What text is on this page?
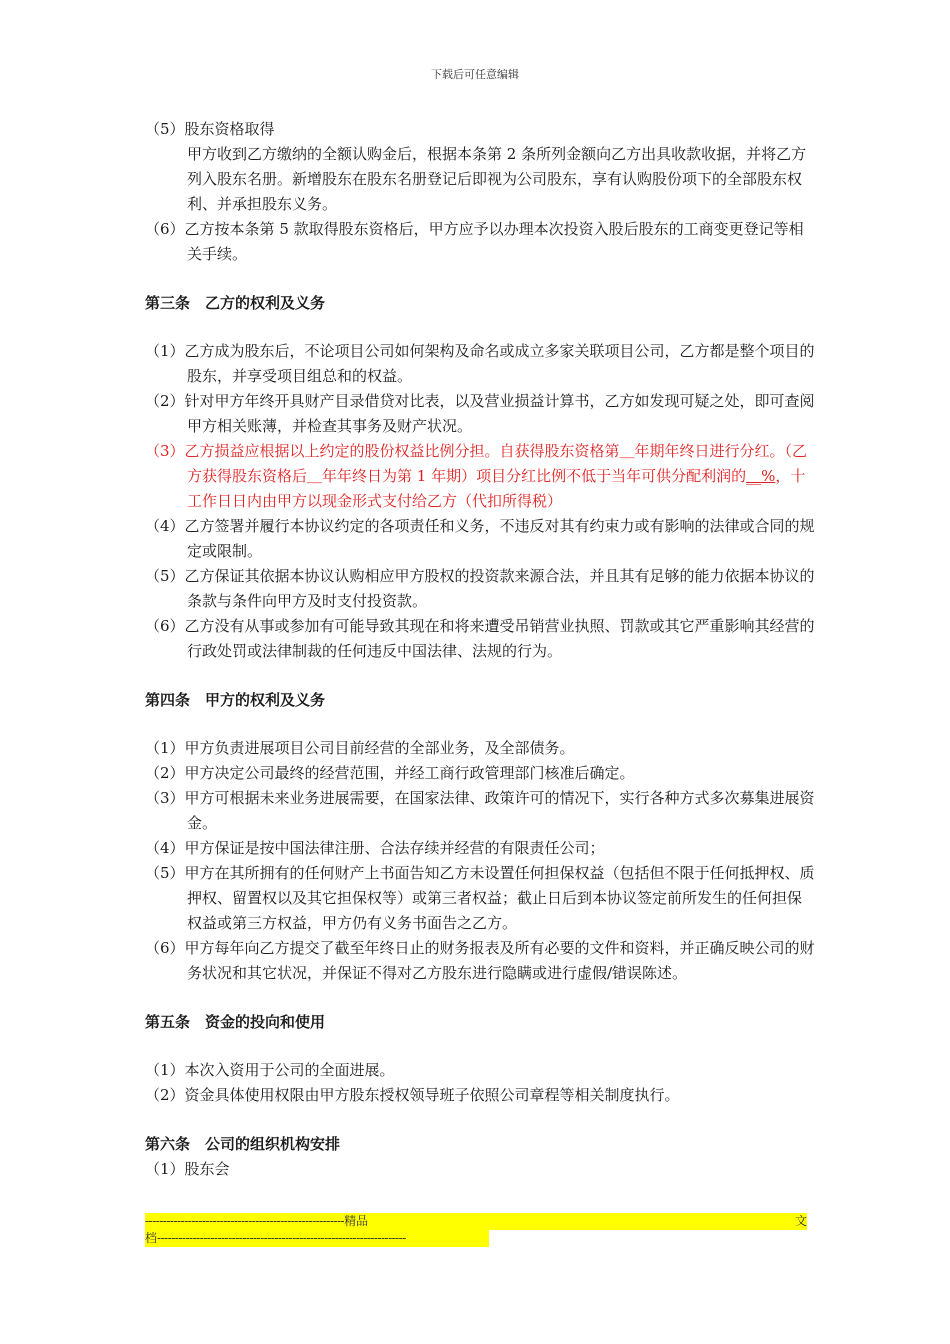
下载后可任意编辑
（5）股东资格取得
甲方收到乙方缴纳的全额认购金后，根据本条第 2 条所列金额向乙方出具收款收据，并将乙方列入股东名册。新增股东在股东名册登记后即视为公司股东，享有认购股份项下的全部股东权利、并承担股东义务。
（6）乙方按本条第 5 款取得股东资格后，甲方应予以办理本次投资入股后股东的工商变更登记等相关手续。
第三条　乙方的权利及义务
（1）乙方成为股东后，不论项目公司如何架构及命名或成立多家关联项目公司，乙方都是整个项目的股东，并享受项目组总和的权益。
（2）针对甲方年终开具财产目录借贷对比表，以及营业损益计算书，乙方如发现可疑之处，即可查阅甲方相关账薄，并检查其事务及财产状况。
（3）乙方损益应根据以上约定的股份权益比例分担。自获得股东资格第＿年期年终日进行分红。（乙方获得股东资格后＿年年终日为第 1 年期）项目分红比例不低于当年可供分配利润的__%，十工作日日内由甲方以现金形式支付给乙方（代扣所得税）
（4）乙方签署并履行本协议约定的各项责任和义务，不违反对其有约束力或有影响的法律或合同的规定或限制。
（5）乙方保证其依据本协议认购相应甲方股权的投资款来源合法，并且其有足够的能力依据本协议的条款与条件向甲方及时支付投资款。
（6）乙方没有从事或参加有可能导致其现在和将来遭受吊销营业执照、罚款或其它严重影响其经营的行政处罚或法律制裁的任何违反中国法律、法规的行为。
第四条　甲方的权利及义务
（1）甲方负责进展项目公司目前经营的全部业务，及全部债务。
（2）甲方决定公司最终的经营范围，并经工商行政管理部门核准后确定。
（3）甲方可根据未来业务进展需要，在国家法律、政策许可的情况下，实行各种方式多次募集进展资金。
（4）甲方保证是按中国法律注册、合法存续并经营的有限责任公司；
（5）甲方在其所拥有的任何财产上书面告知乙方未设置任何担保权益（包括但不限于任何抵押权、质押权、留置权以及其它担保权等）或第三者权益；截止日后到本协议签定前所发生的任何担保权益或第三方权益，甲方仍有义务书面告之乙方。
（6）甲方每年向乙方提交了截至年终日止的财务报表及所有必要的文件和资料，并正确反映公司的财务状况和其它状况，并保证不得对乙方股东进行隐瞒或进行虚假/错误陈述。
第五条　资金的投向和使用
（1）本次入资用于公司的全面进展。
（2）资金具体使用权限由甲方股东授权领导班子依照公司章程等相关制度执行。
第六条　公司的组织机构安排
（1）股东会
-------------------------------------------------------- 精 品	文
档----------------------------------------------------------------------
